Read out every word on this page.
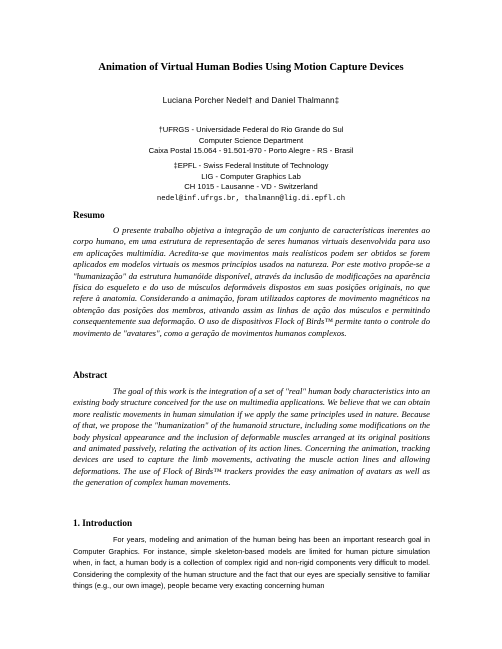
Animation of Virtual Human Bodies Using Motion Capture Devices
Luciana Porcher Nedel† and Daniel Thalmann‡
†UFRGS - Universidade Federal do Rio Grande do Sul
Computer Science Department
Caixa Postal 15.064 - 91.501-970 - Porto Alegre - RS - Brasil
‡EPFL - Swiss Federal Institute of Technology
LIG - Computer Graphics Lab
CH 1015 - Lausanne - VD - Switzerland
nedel@inf.ufrgs.br, thalmann@lig.di.epfl.ch
Resumo

O presente trabalho objetiva a integração de um conjunto de características inerentes ao corpo humano, em uma estrutura de representação de seres humanos virtuais desenvolvida para uso em aplicações multimídia. Acredita-se que movimentos mais realísticos podem ser obtidos se forem aplicados em modelos virtuais os mesmos princípios usados na natureza. Por este motivo propõe-se a "humanização" da estrutura humanóide disponível, através da inclusão de modificações na aparência física do esqueleto e do uso de músculos deformáveis dispostos em suas posições originais, no que refere à anatomia. Considerando a animação, foram utilizados captores de movimento magnéticos na obtenção das posições dos membros, ativando assim as linhas de ação dos músculos e permitindo consequentemente sua deformação. O uso de dispositivos Flock of Birds™ permite tanto o controle do movimento de "avatares", como a geração de movimentos humanos complexos.

Abstract

The goal of this work is the integration of a set of "real" human body characteristics into an existing body structure conceived for the use on multimedia applications. We believe that we can obtain more realistic movements in human simulation if we apply the same principles used in nature. Because of that, we propose the "humanization" of the humanoid structure, including some modifications on the body physical appearance and the inclusion of deformable muscles arranged at its original positions and animated passively, relating the activation of its action lines. Concerning the animation, tracking devices are used to capture the limb movements, activating the muscle action lines and allowing deformations. The use of Flock of Birds™ trackers provides the easy animation of avatars as well as the generation of complex human movements.

1. Introduction

For years, modeling and animation of the human being has been an important research goal in Computer Graphics. For instance, simple skeleton-based models are limited for human picture simulation when, in fact, a human body is a collection of complex rigid and non-rigid components very difficult to model. Considering the complexity of the human structure and the fact that our eyes are specially sensitive to familiar things (e.g., our own image), people became very exacting concerning human
